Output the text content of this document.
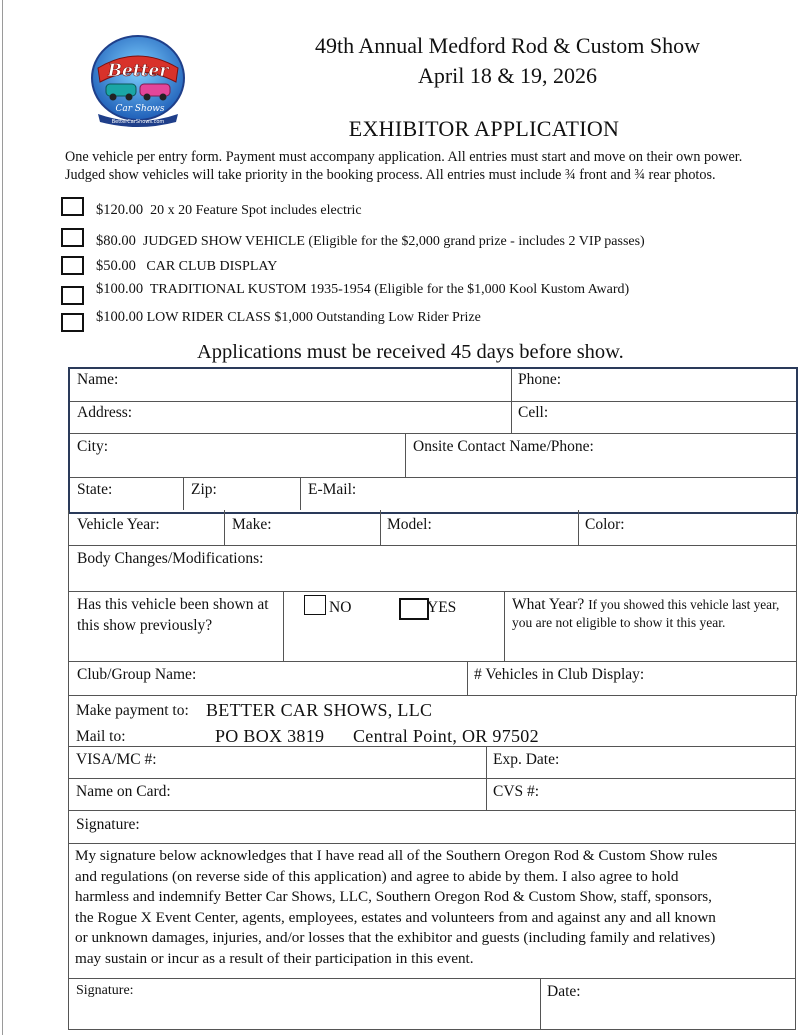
Better
Car Shows
BetterCarShows.com
49th Annual Medford Rod & Custom Show
April 18 & 19, 2026
EXHIBITOR APPLICATION
One vehicle per entry form. Payment must accompany application. All entries must start and move on their own power.
Judged show vehicles will take priority in the booking process. All entries must include ¾ front and ¾ rear photos.
$120.00 20 x 20 Feature Spot includes electric
$80.00 JUDGED SHOW VEHICLE (Eligible for the $2,000 grand prize - includes 2 VIP passes)
$50.00 CAR CLUB DISPLAY
$100.00 TRADITIONAL KUSTOM 1935-1954 (Eligible for the $1,000 Kool Kustom Award)
$100.00 LOW RIDER CLASS $1,000 Outstanding Low Rider Prize
Applications must be received 45 days before show.
Name:	Phone:
Address:	Cell:
City:	Onsite Contact Name/Phone:
State:	Zip:	E-Mail:
Vehicle Year:	Make:	Model:	Color:
Body Changes/Modifications:
Has this vehicle been shown at
this show previously?
NO	YES	What Year? If you showed this vehicle last year,
you are not eligible to show it this year.
Club/Group Name:	# Vehicles in Club Display:
Make payment to: BETTER CAR SHOWS, LLC
Mail to:	PO BOX 3819 Central Point, OR 97502
VISA/MC #:	Exp. Date:
Name on Card:	CVS #:
Signature:
My signature below acknowledges that I have read all of the Southern Oregon Rod & Custom Show rules
and regulations (on reverse side of this application) and agree to abide by them. I also agree to hold
harmless and indemnify Better Car Shows, LLC, Southern Oregon Rod & Custom Show, staff, sponsors,
the Rogue X Event Center, agents, employees, estates and volunteers from and against any and all known
or unknown damages, injuries, and/or losses that the exhibitor and guests (including family and relatives)
may sustain or incur as a result of their participation in this event.
Signature:	Date:
